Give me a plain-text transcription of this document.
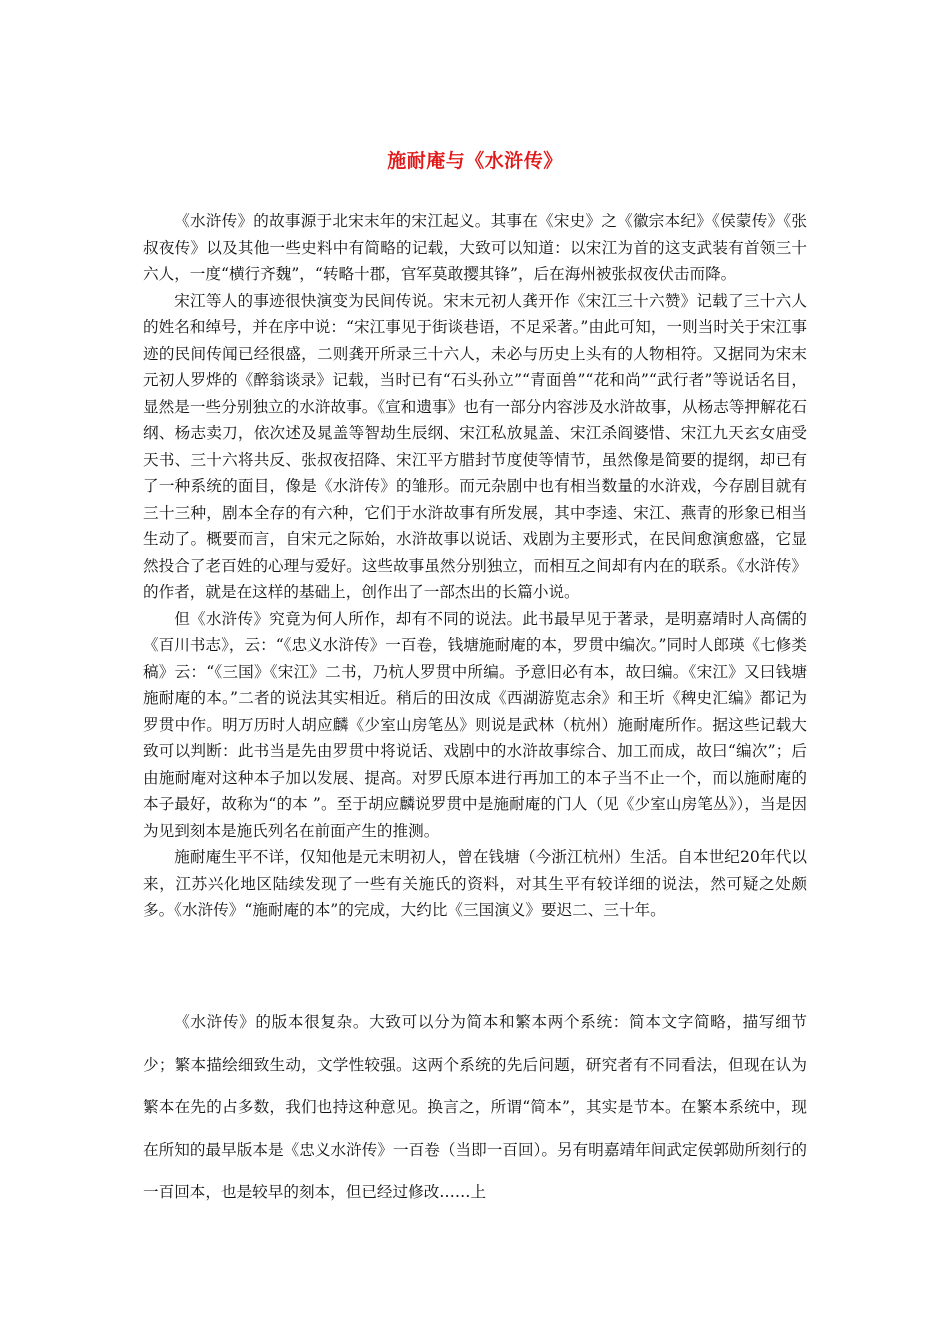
施耐庵与《水浒传》

《水浒传》的故事源于北宋末年的宋江起义。其事在《宋史》之《徽宗本纪》《侯蒙传》《张叔夜传》以及其他一些史料中有简略的记载，大致可以知道：以宋江为首的这支武装有首领三十六人，一度“横行齐魏”，“转略十郡，官军莫敢撄其锋”，后在海州被张叔夜伏击而降。

宋江等人的事迹很快演变为民间传说。宋末元初人龚开作《宋江三十六赞》记载了三十六人的姓名和绰号，并在序中说：“宋江事见于街谈巷语，不足采著。”由此可知，一则当时关于宋江事迹的民间传闻已经很盛，二则龚开所录三十六人，未必与历史上头有的人物相符。又据同为宋末元初人罗烨的《醉翁谈录》记载，当时已有“石头孙立”“青面兽”“花和尚”“武行者”等说话名目，显然是一些分别独立的水浒故事。《宣和遗事》也有一部分内容涉及水浒故事，从杨志等押解花石纲、杨志卖刀，依次述及晁盖等智劫生辰纲、宋江私放晁盖、宋江杀阎婆惜、宋江九天玄女庙受天书、三十六将共反、张叔夜招降、宋江平方腊封节度使等情节，虽然像是简要的提纲，却已有了一种系统的面目，像是《水浒传》的雏形。而元杂剧中也有相当数量的水浒戏，今存剧目就有三十三种，剧本全存的有六种，它们于水浒故事有所发展，其中李逵、宋江、燕青的形象已相当生动了。概要而言，自宋元之际始，水浒故事以说话、戏剧为主要形式，在民间愈演愈盛，它显然投合了老百姓的心理与爱好。这些故事虽然分别独立，而相互之间却有内在的联系。《水浒传》的作者，就是在这样的基础上，创作出了一部杰出的长篇小说。

但《水浒传》究竟为何人所作，却有不同的说法。此书最早见于著录，是明嘉靖时人高儒的《百川书志》，云：“《忠义水浒传》一百卷，钱塘施耐庵的本，罗贯中编次。”同时人郎瑛《七修类稿》云：“《三国》《宋江》二书，乃杭人罗贯中所编。予意旧必有本，故曰编。《宋江》又曰钱塘施耐庵的本。”二者的说法其实相近。稍后的田汝成《西湖游览志余》和王圻《稗史汇编》都记为罗贯中作。明万历时人胡应麟《少室山房笔丛》则说是武林（杭州）施耐庵所作。据这些记载大致可以判断：此书当是先由罗贯中将说话、戏剧中的水浒故事综合、加工而成，故曰“编次”；后由施耐庵对这种本子加以发展、提高。对罗氏原本进行再加工的本子当不止一个，而以施耐庵的本子最好，故称为“的本 ”。至于胡应麟说罗贯中是施耐庵的门人（见《少室山房笔丛》），当是因为见到刻本是施氏列名在前面产生的推测。

施耐庵生平不详，仅知他是元末明初人，曾在钱塘（今浙江杭州）生活。自本世纪20年代以来，江苏兴化地区陆续发现了一些有关施氏的资料，对其生平有较详细的说法，然可疑之处颇多。《水浒传》“施耐庵的本”的完成，大约比《三国演义》要迟二、三十年。

《水浒传》的版本很复杂。大致可以分为简本和繁本两个系统：简本文字简略，描写细节少；繁本描绘细致生动，文学性较强。这两个系统的先后问题，研究者有不同看法，但现在认为繁本在先的占多数，我们也持这种意见。换言之，所谓“简本”，其实是节本。在繁本系统中，现在所知的最早版本是《忠义水浒传》一百卷（当即一百回）。另有明嘉靖年间武定侯郭勋所刻行的一百回本，也是较早的刻本，但已经过修改……上
